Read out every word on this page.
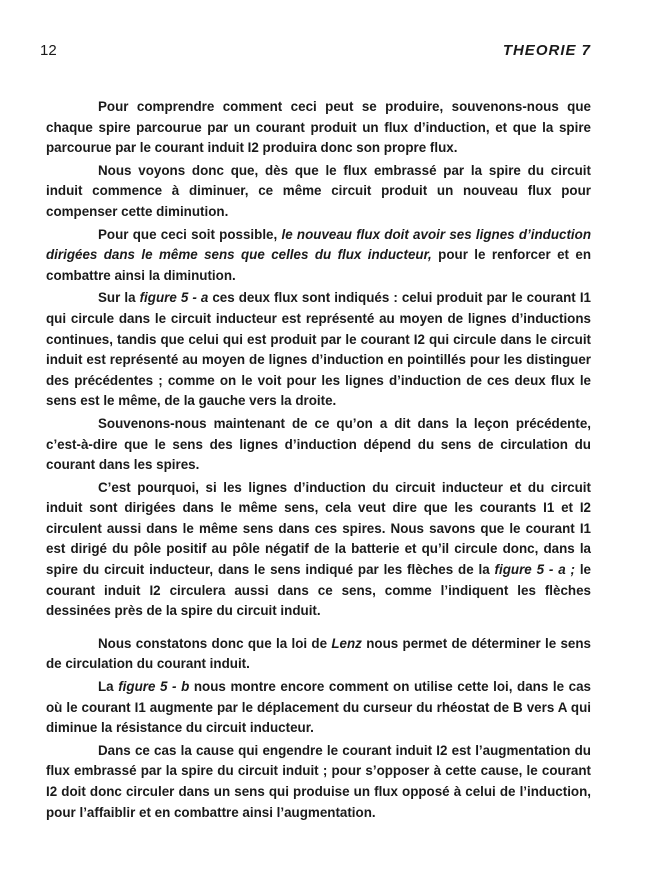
12	THEORIE 7

Pour comprendre comment ceci peut se produire, souvenons-nous que chaque spire parcourue par un courant produit un flux d’induction, et que la spire parcourue par le courant induit I2 produira donc son propre flux.

Nous voyons donc que, dès que le flux embrassé par la spire du circuit induit commence à diminuer, ce même circuit produit un nouveau flux pour compenser cette diminution.

Pour que ceci soit possible, le nouveau flux doit avoir ses lignes d’induction dirigées dans le même sens que celles du flux inducteur, pour le renforcer et en combattre ainsi la diminution.

Sur la figure 5 - a ces deux flux sont indiqués : celui produit par le courant I1 qui circule dans le circuit inducteur est représenté au moyen de lignes d’inductions continues, tandis que celui qui est produit par le courant I2 qui circule dans le circuit induit est représenté au moyen de lignes d’induction en pointillés pour les distinguer des précédentes ; comme on le voit pour les lignes d’induction de ces deux flux le sens est le même, de la gauche vers la droite.

Souvenons-nous maintenant de ce qu’on a dit dans la leçon précédente, c’est-à-dire que le sens des lignes d’induction dépend du sens de circulation du courant dans les spires.

C’est pourquoi, si les lignes d’induction du circuit inducteur et du circuit induit sont dirigées dans le même sens, cela veut dire que les courants I1 et I2 circulent aussi dans le même sens dans ces spires. Nous savons que le courant I1 est dirigé du pôle positif au pôle négatif de la batterie et qu’il circule donc, dans la spire du circuit inducteur, dans le sens indiqué par les flèches de la figure 5 - a ; le courant induit I2 circulera aussi dans ce sens, comme l’indiquent les flèches dessinées près de la spire du circuit induit.

Nous constatons donc que la loi de Lenz nous permet de déterminer le sens de circulation du courant induit.

La figure 5 - b nous montre encore comment on utilise cette loi, dans le cas où le courant I1 augmente par le déplacement du curseur du rhéostat de B vers A qui diminue la résistance du circuit inducteur.

Dans ce cas la cause qui engendre le courant induit I2 est l’augmentation du flux embrassé par la spire du circuit induit ; pour s’opposer à cette cause, le courant I2 doit donc circuler dans un sens qui produise un flux opposé à celui de l’induction, pour l’affaiblir et en combattre ainsi l’augmentation.
